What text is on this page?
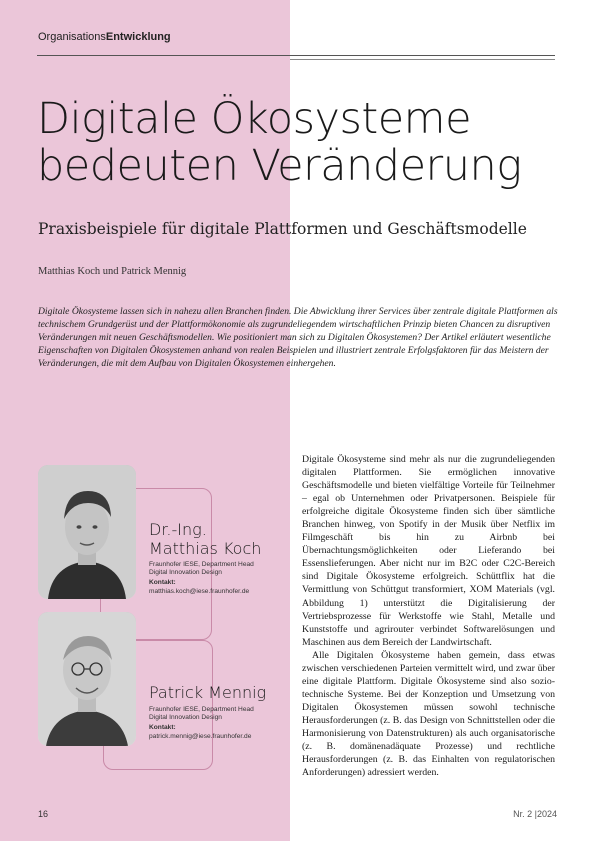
OrganisationsEntwicklung
Digitale Ökosysteme
bedeuten Veränderung
Praxisbeispiele für digitale Plattformen und Geschäftsmodelle
Matthias Koch und Patrick Mennig
Digitale Ökosysteme lassen sich in nahezu allen Branchen finden. Die Abwicklung ihrer Services über zentrale digitale Plattformen als technischem Grundgerüst und der Plattformökonomie als zugrundeliegendem wirtschaftlichen Prinzip bieten Chancen zu disruptiven Veränderungen mit neuen Geschäftsmodellen. Wie positioniert man sich zu Digitalen Ökosystemen? Der Artikel erläutert wesentliche Eigenschaften von Digitalen Ökosystemen anhand von realen Beispielen und illustriert zentrale Erfolgsfaktoren für das Meistern der Veränderungen, die mit dem Aufbau von Digitalen Ökosystemen einhergehen.
Dr.-Ing.
Matthias Koch
Fraunhofer IESE, Department Head
Digital Innovation Design
Kontakt:
matthias.koch@iese.fraunhofer.de
Patrick Mennig
Fraunhofer IESE, Department Head
Digital Innovation Design
Kontakt:
patrick.mennig@iese.fraunhofer.de

Digitale Ökosysteme sind mehr als nur die zugrundeliegenden digitalen Plattformen. Sie ermöglichen innovative Geschäftsmodelle und bieten vielfältige Vorteile für Teilnehmer – egal ob Unternehmen oder Privatpersonen. Beispiele für erfolgreiche digitale Ökosysteme finden sich über sämtliche Branchen hinweg, von Spotify in der Musik über Netflix im Filmgeschäft bis hin zu Airbnb bei Übernachtungsmöglichkeiten oder Lieferando bei Essenslieferungen. Aber nicht nur im B2C oder C2C-Bereich sind Digitale Ökosysteme erfolgreich. Schüttflix hat die Vermittlung von Schüttgut transformiert, XOM Materials (vgl. Abbildung 1) unterstützt die Digitalisierung der Vertriebsprozesse für Werkstoffe wie Stahl, Metalle und Kunststoffe und agrirouter verbindet Softwarelösungen und Maschinen aus dem Bereich der Landwirtschaft.

Alle Digitalen Ökosysteme haben gemein, dass etwas zwischen verschiedenen Parteien vermittelt wird, und zwar über eine digitale Plattform. Digitale Ökosysteme sind also sozio-technische Systeme. Bei der Konzeption und Umsetzung von Digitalen Ökosystemen müssen sowohl technische Herausforderungen (z. B. das Design von Schnittstellen oder die Harmonisierung von Datenstrukturen) als auch organisatorische (z. B. domänenadäquate Prozesse) und rechtliche Herausforderungen (z. B. das Einhalten von regulatorischen Anforderungen) adressiert werden.

16	Nr. 2 |2024
